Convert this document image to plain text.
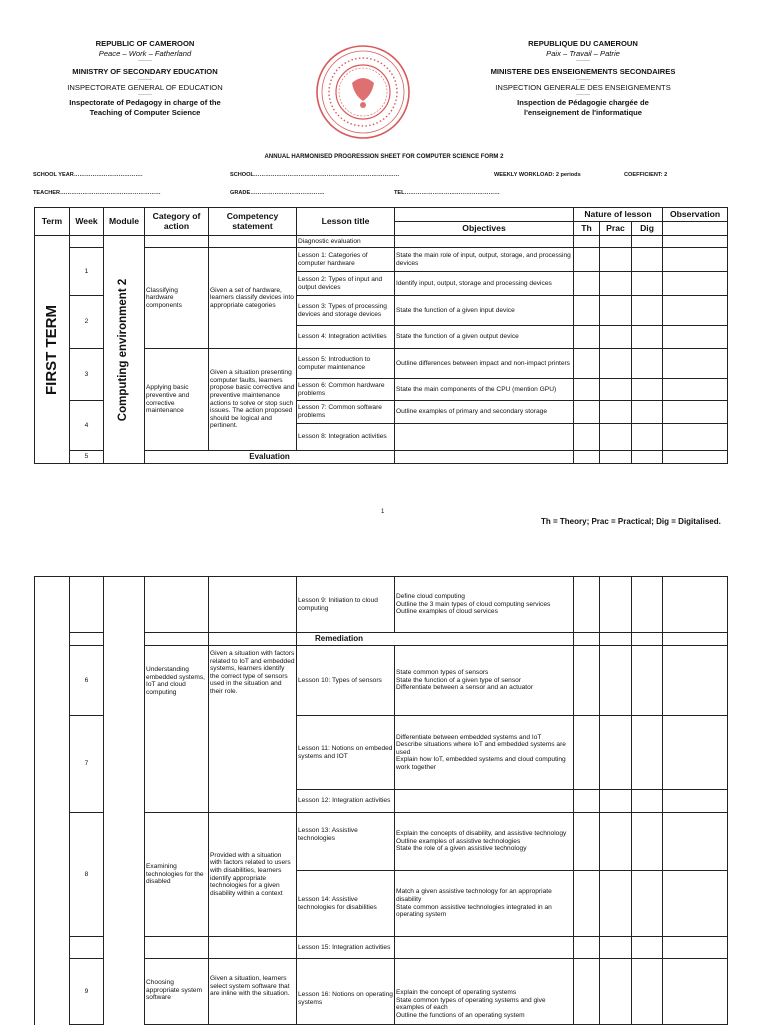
REPUBLIC OF CAMEROON
Peace – Work – Fatherland
-------
MINISTRY OF SECONDARY EDUCATION
-------
INSPECTORATE GENERAL OF EDUCATION
-------
Inspectorate of Pedagogy in charge of the
Teaching of Computer Science
REPUBLIQUE DU CAMEROUN
Paix – Travail – Patrie
-------
MINISTERE DES ENSEIGNEMENTS SECONDAIRES
-------
INSPECTION GENERALE DES ENSEIGNEMENTS
-------
Inspection de Pédagogie chargée de
l'enseignement de l'informatique
ANNUAL HARMONISED PROGRESSION SHEET FOR COMPUTER SCIENCE FORM 2
SCHOOL YEAR……………………………….	SCHOOL……………………………………………………………………	WEEKLY WORKLOAD: 2 periods	COEFFICIENT: 2
TEACHER………………………………………………	GRADE………………………………….	TEL……………………………………………
Term	Week	Module	Category of action	Competency statement	Lesson title		Nature of lesson			Observation
						Objectives	Th	Prac	Dig	

FIRST TERM		Computing environment 2			Diagnostic evaluation					
	1		Classifying hardware components	Given a set of hardware, learners classify devices into appropriate categories	Lesson 1: Categories of computer hardware	State the main role of input, output, storage, and processing devices				
					Lesson 2: Types of input and output devices	Identify input, output, storage and processing devices				
	2				Lesson 3: Types of processing devices and storage devices	State the function of a given input device				
					Lesson 4: Integration activities	State the function of a given output device				
	3		Applying basic preventive and corrective maintenance	Given a situation presenting computer faults, learners propose basic corrective and preventive maintenance actions to solve or stop such issues. The action proposed should be logical and pertinent.	Lesson 5: Introduction to computer maintenance	Outline differences between impact and non-impact printers				
					Lesson 6: Common hardware problems	State the main components of the CPU (mention GPU)				
	4				Lesson 7: Common software problems	Outline examples of primary and secondary storage				
					Lesson 8: Integration activities					
	5		Evaluation							
1
Th = Theory; Prac = Practical; Dig = Digitalised.
					Lesson 9: Initiation to cloud computing	Define cloud computing
Outline the 3 main types of cloud computing services
Outline examples of cloud services				

					Remediation					
	6		Understanding embedded systems, IoT and cloud computing	Given a situation with factors related to IoT and embedded systems, learners identify the correct type of sensors used in the situation and their role.	Lesson 10: Types of sensors	State common types of sensors
State the function of a given type of sensor
Differentiate between a sensor and an actuator				

	7				Lesson 11: Notions on embeded systems and IOT	Differentiate between embedded systems and IoT
Describe situations where IoT and embedded systems are used
Explain how IoT, embedded systems and cloud computing work together				

					Lesson 12: Integration activities					
	8		Examining technologies for the disabled	Provided with a situation with factors related to users with disabilities, learners identify appropriate technologies for a given disability within a context	Lesson 13: Assistive technologies	Explain the concepts of disability, and assistive technology
Outline examples of assistive technologies
State the role of a given assistive technology				

					Lesson 14: Assistive technologies for disabilities	Match a given assistive technology for an appropriate disability
State common assistive technologies integrated in an operating system				

					Lesson 15: Integration activities					
	9		Choosing appropriate system software	Given a situation, learners select system software that are inline with the situation.	Lesson 16: Notions on operating systems	Explain the concept of operating systems
State common types of operating systems and give examples of each
Outline the functions of an operating system				
